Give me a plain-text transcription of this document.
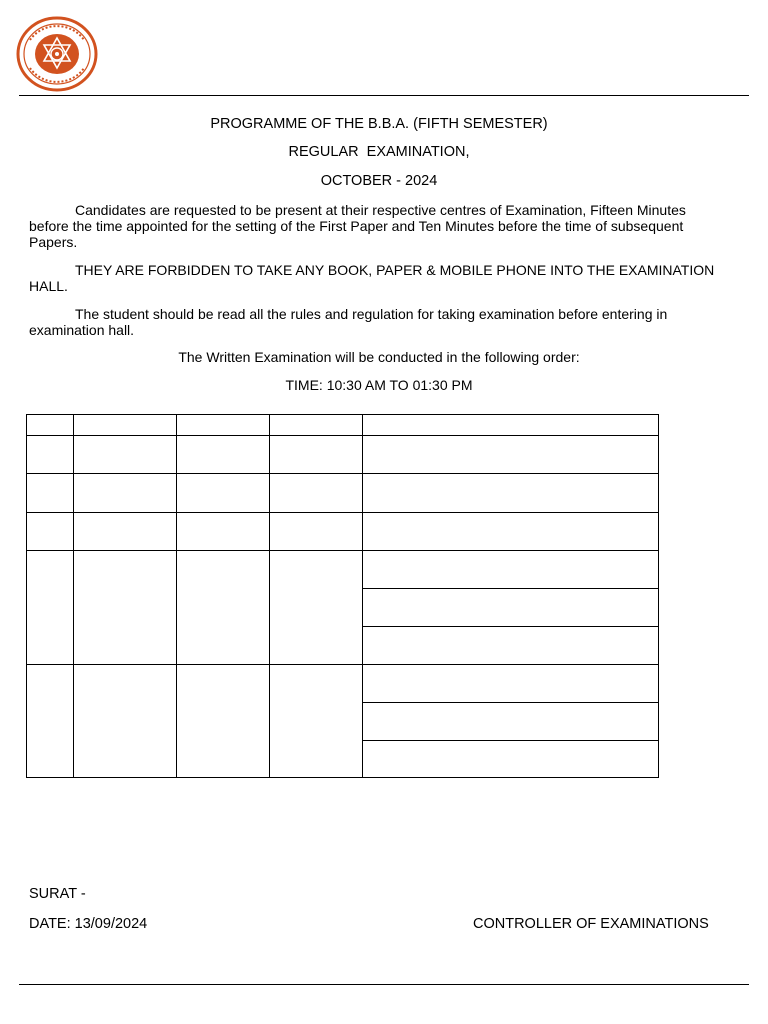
PROGRAMME OF THE B.B.A. (FIFTH SEMESTER)
REGULAR  EXAMINATION,
OCTOBER - 2024
Candidates are requested to be present at their respective centres of Examination, Fifteen Minutes before the time appointed for the setting of the First Paper and Ten Minutes before the time of subsequent Papers.
THEY ARE FORBIDDEN TO TAKE ANY BOOK, PAPER & MOBILE PHONE INTO THE EXAMINATION HALL.
The student should be read all the rules and regulation for taking examination before entering in examination hall.
The Written Examination will be conducted in the following order:
TIME: 10:30 AM TO 01:30 PM

SURAT -
DATE: 13/09/2024	CONTROLLER OF EXAMINATIONS
